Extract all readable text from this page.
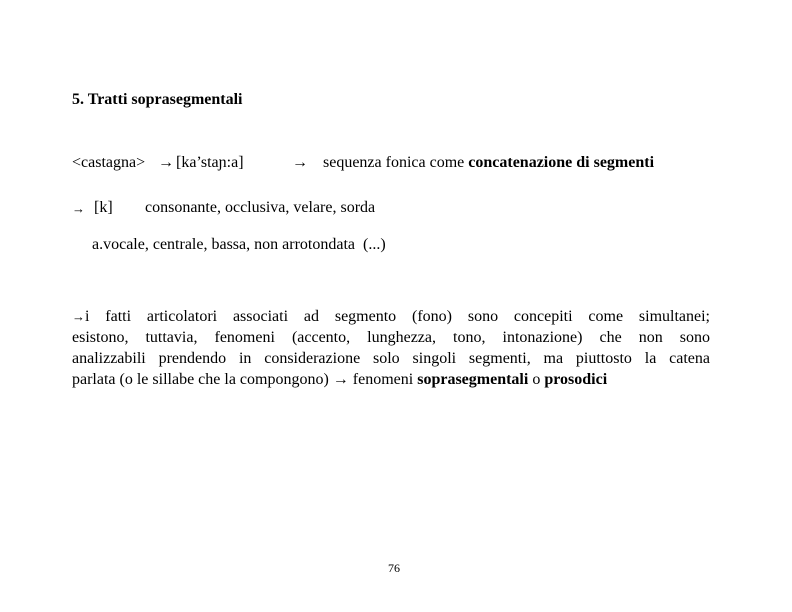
5. Tratti soprasegmentali
<castagna> → [ka’staɲ:a]	→ sequenza fonica come concatenazione di segmenti
→ [k] consonante, occlusiva, velare, sorda
a.vocale, centrale, bassa, non arrotondata  (...)
→i fatti articolatori associati ad segmento (fono) sono concepiti come simultanei;
esistono, tuttavia, fenomeni (accento, lunghezza, tono, intonazione) che non sono
analizzabili prendendo in considerazione solo singoli segmenti, ma piuttosto la catena
parlata (o le sillabe che la compongono) → fenomeni soprasegmentali o prosodici
76
